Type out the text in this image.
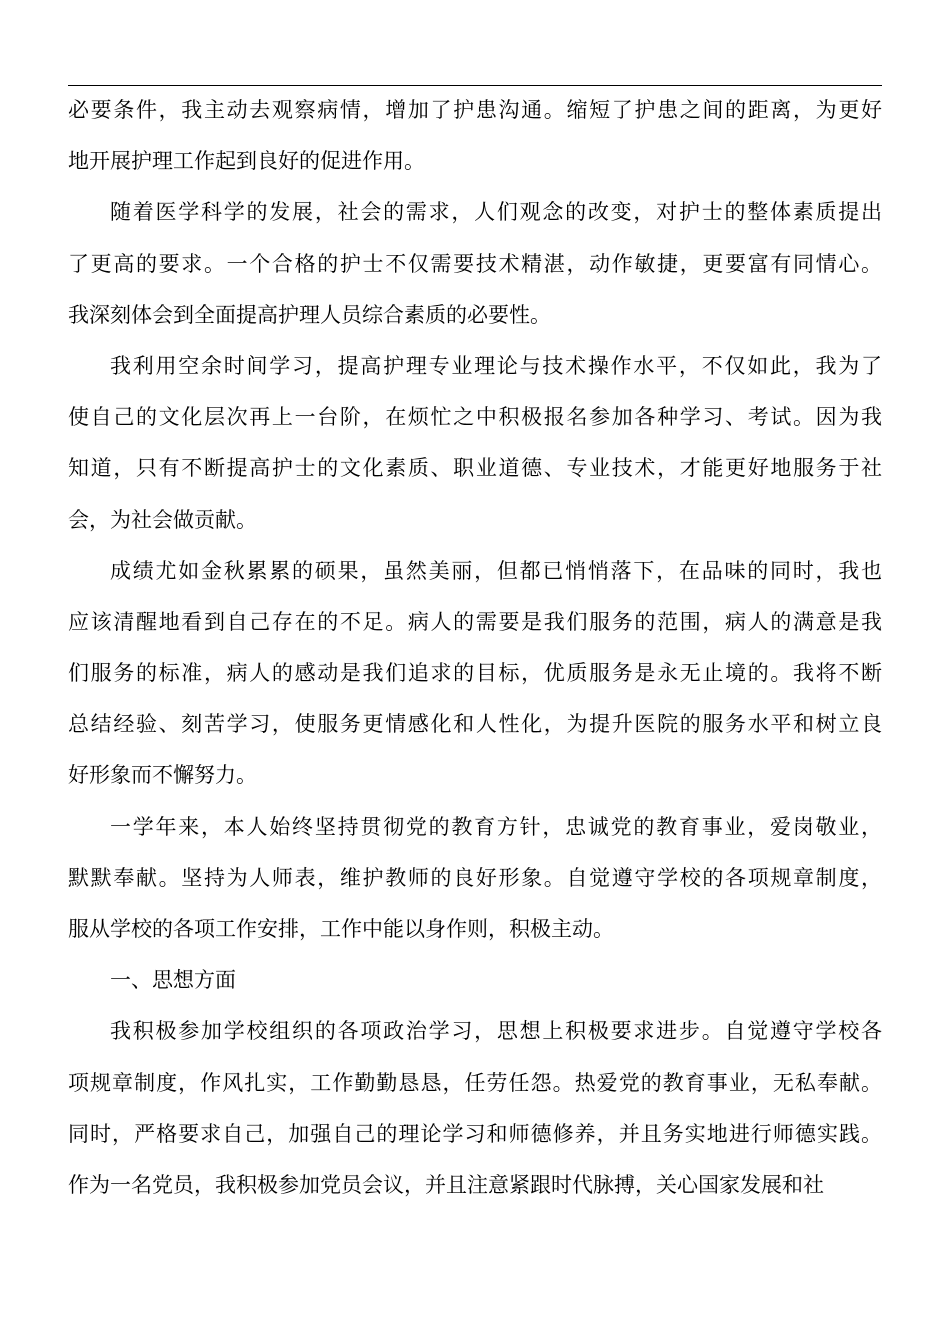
必要条件，我主动去观察病情，增加了护患沟通。缩短了护患之间的距离，为更好
地开展护理工作起到良好的促进作用。
随着医学科学的发展，社会的需求，人们观念的改变，对护士的整体素质提出
了更高的要求。一个合格的护士不仅需要技术精湛，动作敏捷，更要富有同情心。
我深刻体会到全面提高护理人员综合素质的必要性。
我利用空余时间学习，提高护理专业理论与技术操作水平，不仅如此，我为了
使自己的文化层次再上一台阶，在烦忙之中积极报名参加各种学习、考试。因为我
知道，只有不断提高护士的文化素质、职业道德、专业技术，才能更好地服务于社
会，为社会做贡献。
成绩尤如金秋累累的硕果，虽然美丽，但都已悄悄落下，在品味的同时，我也
应该清醒地看到自己存在的不足。病人的需要是我们服务的范围，病人的满意是我
们服务的标准，病人的感动是我们追求的目标，优质服务是永无止境的。我将不断
总结经验、刻苦学习，使服务更情感化和人性化，为提升医院的服务水平和树立良
好形象而不懈努力。
一学年来，本人始终坚持贯彻党的教育方针，忠诚党的教育事业，爱岗敬业，
默默奉献。坚持为人师表，维护教师的良好形象。自觉遵守学校的各项规章制度，
服从学校的各项工作安排，工作中能以身作则，积极主动。
一、思想方面
我积极参加学校组织的各项政治学习，思想上积极要求进步。自觉遵守学校各
项规章制度，作风扎实，工作勤勤恳恳，任劳任怨。热爱党的教育事业，无私奉献。
同时，严格要求自己，加强自己的理论学习和师德修养，并且务实地进行师德实践。
作为一名党员，我积极参加党员会议，并且注意紧跟时代脉搏，关心国家发展和社
